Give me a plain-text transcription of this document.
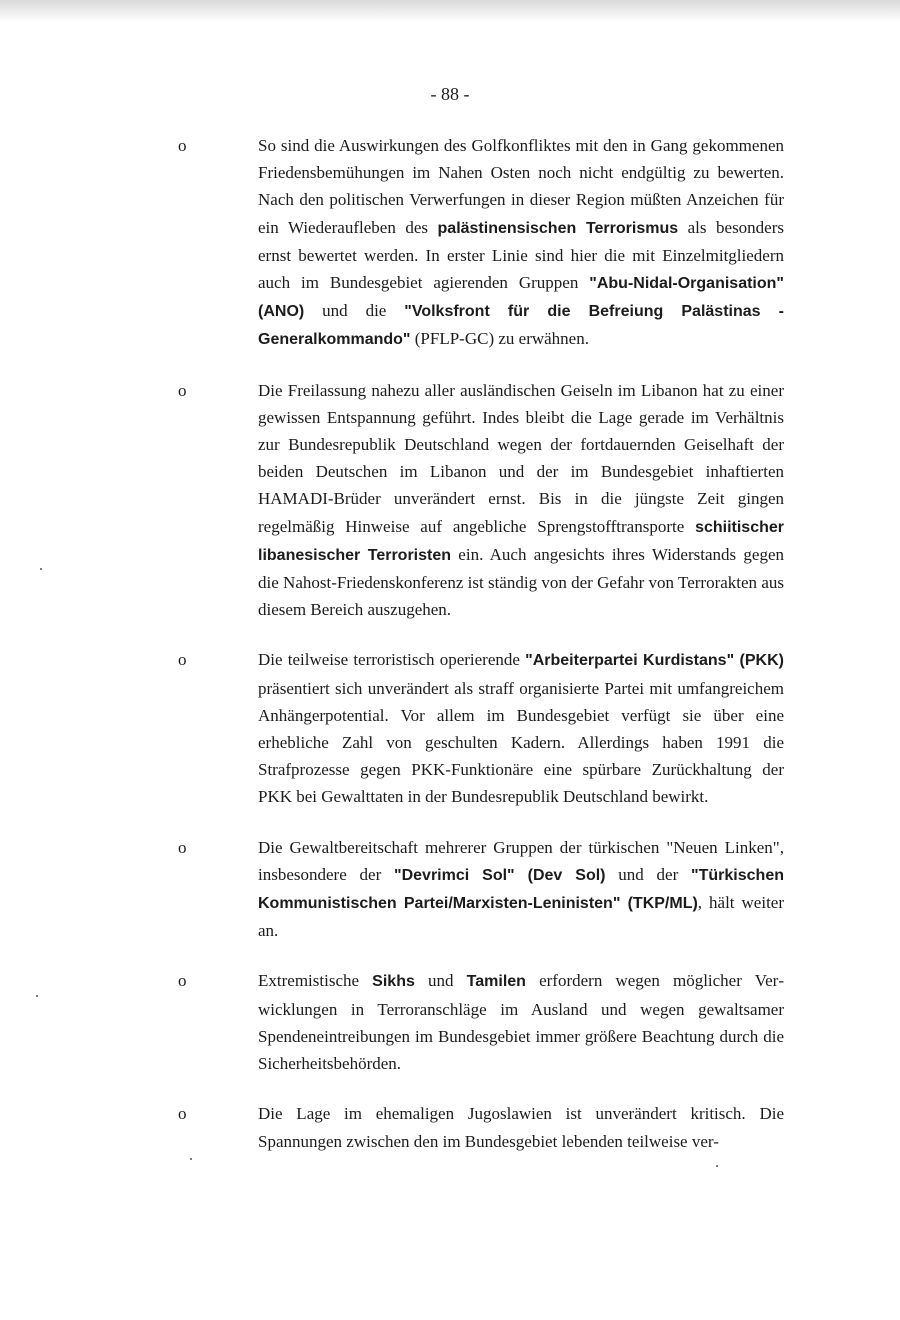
- 88 -
o	So sind die Auswirkungen des Golfkonfliktes mit den in Gang gekommenen Friedensbemühungen im Nahen Osten noch nicht endgültig zu bewerten. Nach den politischen Verwerfungen in dieser Region müßten Anzeichen für ein Wiederaufleben des palästinensischen Terrorismus als besonders ernst bewertet werden. In erster Linie sind hier die mit Einzelmitgliedern auch im Bundesgebiet agierenden Gruppen "Abu-Nidal-Organisation" (ANO) und die "Volksfront für die Befreiung Palästinas - Generalkommando" (PFLP-GC) zu erwähnen.
o	Die Freilassung nahezu aller ausländischen Geiseln im Libanon hat zu einer gewissen Entspannung geführt. Indes bleibt die Lage gerade im Verhältnis zur Bundesrepublik Deutschland wegen der fortdauernden Geiselhaft der beiden Deutschen im Libanon und der im Bundesgebiet inhaftierten HAMADI-Brüder unverändert ernst. Bis in die jüngste Zeit gingen regelmäßig Hinweise auf angebliche Sprengstofftransporte schiitischer libanesischer Terroristen ein. Auch angesichts ihres Widerstands gegen die Nahost-Friedenskonferenz ist ständig von der Gefahr von Terrorakten aus diesem Bereich auszugehen.
o	Die teilweise terroristisch operierende "Arbeiterpartei Kurdistans" (PKK) präsentiert sich unverändert als straff organisierte Partei mit umfangreichem Anhängerpotential. Vor allem im Bundesgebiet verfügt sie über eine erhebliche Zahl von geschulten Kadern. Allerdings haben 1991 die Strafprozesse gegen PKK-Funktionäre eine spürbare Zurückhaltung der PKK bei Gewalttaten in der Bundesrepublik Deutschland bewirkt.
o	Die Gewaltbereitschaft mehrerer Gruppen der türkischen "Neuen Linken", insbesondere der "Devrimci Sol" (Dev Sol) und der "Türkischen Kommunistischen Partei/Marxisten-Leninisten" (TKP/ML), hält weiter an.
o	Extremistische Sikhs und Tamilen erfordern wegen möglicher Verwicklungen in Terroranschläge im Ausland und wegen gewaltsamer Spendeneintreibungen im Bundesgebiet immer größere Beachtung durch die Sicherheitsbehörden.
o	Die Lage im ehemaligen Jugoslawien ist unverändert kritisch. Die Spannungen zwischen den im Bundesgebiet lebenden teilweise ver-
